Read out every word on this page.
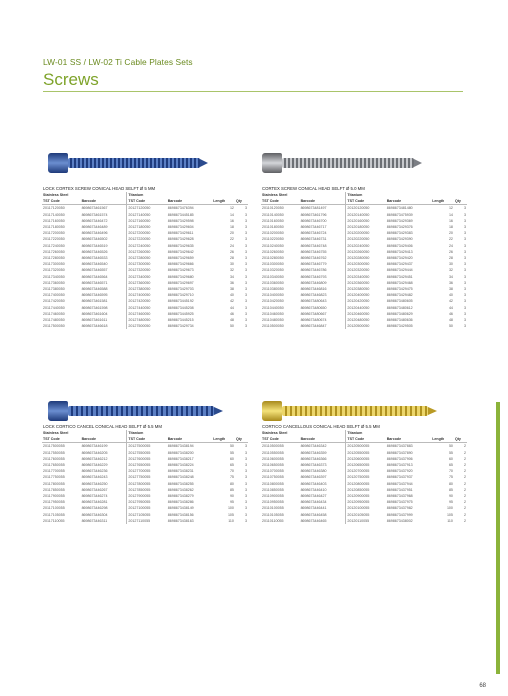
LW-01 SS / LW-02 Ti Cable Plates Sets
Screws
LOCK CORTEX SCREW CONICAL HEAD SELFT Ø 5 MM
Stainless Steel		Titanium			
TST Code	Barcode	TST Code	Barcode	Length	Qty
20117120050	8698673461567	20127120050	8698673476394	12	3
20117140050	8698673461574	20127140050	8698673445185	14	3
20117160050	8698673446472	20127160050	8698673429598	16	3
20117180050	8698673446489	20127180050	8698673429604	18	3
20117200050	8698673446496	20127200050	8698673429611	20	3
20117220050	8698673446502	20127220050	8698673429628	22	3
20117240050	8698673446519	20127240050	8698673429635	24	3
20117260050	8698673446526	20127260050	8698673429642	26	3
20117280050	8698673446533	20127280050	8698673429659	28	3
20117300050	8698673446540	20127300050	8698673429666	30	3
20117320050	8698673446557	20127320050	8698673429673	32	3
20117340050	8698673446564	20127340050	8698673429680	34	3
20117360050	8698673446571	20127360050	8698673429697	36	3
20117380050	8698673446588	20127380050	8698673429703	38	3
20117400050	8698673446595	20127400050	8698673429710	40	3
20117420050	8698673461581	20127420050	8698673445192	42	3
20117440050	8698673461598	20127440050	8698673445208	44	3
20117460050	8698673461604	20127460050	8698673445925	46	3
20117480050	8698673461611	20127480050	8698673445215	48	3
20117500050	8698673446618	20127500050	8698673429734	50	3
CORTEX SCREW CONICAL HEAD SELFT Ø 5.0 MM
Stainless Steel		Titanium			
TST Code	Barcode	TST Code	Barcode	Length	Qty
20110120050	8698673481497	20120120050	8698673481480	12	3
20110140050	8698673461796	20120140050	8698673475939	14	3
20110160050	8698673446700	20120160050	8698673429369	16	3
20110180050	8698673446717	20120180050	8698673429376	18	3
20110200050	8698673446724	20120200050	8698673429383	20	3
20110220050	8698673446731	20120220050	8698673429390	22	3
20110240050	8698673446748	20120240050	8698673429406	24	3
20110260050	8698673446755	20120260050	8698673429413	26	3
20110280050	8698673446762	20120280050	8698673429420	28	3
20110300050	8698673446779	20120300050	8698673429437	30	3
20110320050	8698673446786	20120320050	8698673429444	32	3
20110340050	8698673446793	20120340050	8698673429451	34	3
20110360050	8698673446809	20120360050	8698673429468	36	3
20110380050	8698673446816	20120380050	8698673429475	38	3
20110400050	8698673446823	20120400050	8698673429482	40	3
20110420050	8698673480643	20120420050	8698673480605	42	3
20110440050	8698673480650	20120440050	8698673480612	44	3
20110460050	8698673480667	20120460050	8698673480629	46	3
20110480050	8698673480674	20120480050	8698673480636	48	3
20110500050	8698673446847	20120500050	8698673429505	50	3
LOCK CORTICO CANCEL CONICAL HEAD SELFT Ø 5.5 MM
Stainless Steel		Titanium			
TST Code	Barcode	TST Code	Barcode	Length	Qty
20117500055	8698673446199	20127500055	8698673438194	50	3
20117550055	8698673446205	20127550055	8698673438200	55	3
20117600055	8698673446212	20127600055	8698673438217	60	3
20117650055	8698673446229	20127650055	8698673438224	65	3
20117700055	8698673446236	20127700055	8698673438231	70	3
20117750055	8698673446243	20127750055	8698673438248	75	3
20117800055	8698673446250	20127800055	8698673438255	80	3
20117850055	8698673446267	20127850055	8698673438262	85	3
20117900055	8698673446274	20127900055	8698673438279	90	3
20117950055	8698673446281	20127950055	8698673438286	95	3
20117100055	8698673446298	20127100055	8698673438149	100	3
20117105055	8698673446304	20127105055	8698673438156	105	3
20117110055	8698673446311	20127110055	8698673438163	110	3
CORTICO CANCELLOUS CONICAL HEAD SELFT Ø 5.5 MM
Stainless Steel		Titanium			
TST Code	Barcode	TST Code	Barcode	Length	Qty
20110500055	8698673446342	20120500055	8698673437883	50	2
20110550055	8698673446359	20120550055	8698673437890	55	2
20110600055	8698673446366	20120600055	8698673437906	60	2
20110650055	8698673446373	20120650055	8698673437913	65	2
20110700055	8698673446380	20120700055	8698673437920	70	2
20110750055	8698673446397	20120750055	8698673437937	75	2
20110800055	8698673446403	20120800055	8698673437944	80	2
20110850055	8698673446410	20120850055	8698673437951	85	2
20110900055	8698673446427	20120900055	8698673437968	90	2
20110950055	8698673446434	20120950055	8698673437975	95	2
20110100055	8698673446441	20120100055	8698673437982	100	2
20110105055	8698673446458	20120105055	8698673437999	105	2
20110110055	8698673446465	20120110055	8698673438002	110	2
68
